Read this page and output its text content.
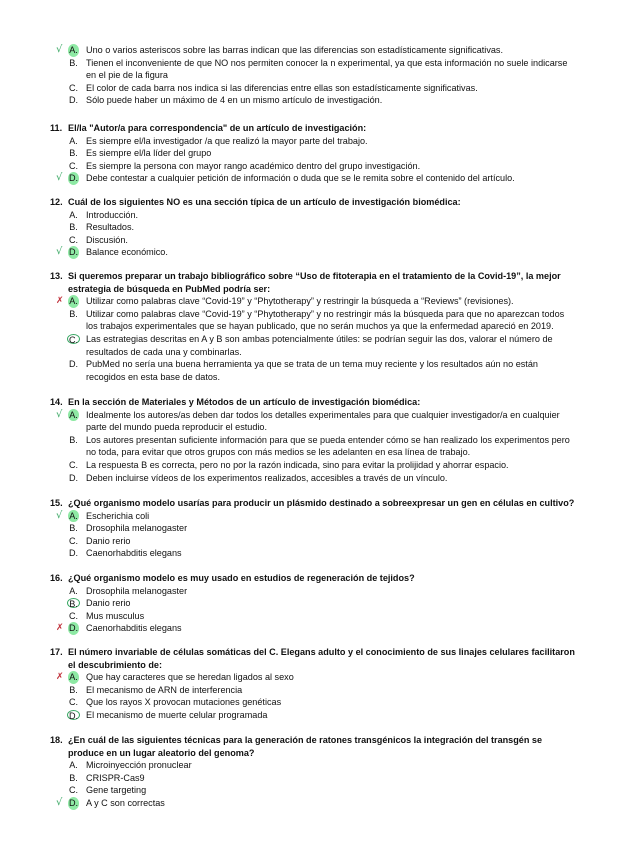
√ A. Uno o varios asteriscos sobre las barras indican que las diferencias son estadísticamente significativas.
B. Tienen el inconveniente de que NO nos permiten conocer la n experimental, ya que esta información no suele indicarse en el pie de la figura
C. El color de cada barra nos indica si las diferencias entre ellas son estadísticamente significativas.
D. Sólo puede haber un máximo de 4 en un mismo artículo de investigación.
11. El/la "Autor/a para correspondencia" de un artículo de investigación:
A. Es siempre el/la investigador /a que realizó la mayor parte del trabajo.
B. Es siempre el/la líder del grupo
C. Es siempre la persona con mayor rango académico dentro del grupo investigación.
√ D. Debe contestar a cualquier petición de información o duda que se le remita sobre el contenido del artículo.
12. Cuál de los siguientes NO es una sección típica de un artículo de investigación biomédica:
A. Introducción.
B. Resultados.
C. Discusión.
√ D. Balance económico.
13. Si queremos preparar un trabajo bibliográfico sobre “Uso de fitoterapia en el tratamiento de la Covid-19”, la mejor estrategia de búsqueda en PubMed podría ser:
✗ A. Utilizar como palabras clave “Covid-19” y “Phytotherapy” y restringir la búsqueda a “Reviews” (revisiones).
B. Utilizar como palabras clave “Covid-19” y “Phytotherapy” y no restringir más la búsqueda para que no aparezcan todos los trabajos experimentales que se hayan publicado, que no serán muchos ya que la enfermedad apareció en 2019.
C. Las estrategias descritas en A y B son ambas potencialmente útiles: se podrían seguir las dos, valorar el número de resultados de cada una y combinarlas.
D. PubMed no sería una buena herramienta ya que se trata de un tema muy reciente y los resultados aún no están recogidos en esta base de datos.
14. En la sección de Materiales y Métodos de un artículo de investigación biomédica:
√ A. Idealmente los autores/as deben dar todos los detalles experimentales para que cualquier investigador/a en cualquier parte del mundo pueda reproducir el estudio.
B. Los autores presentan suficiente información para que se pueda entender cómo se han realizado los experimentos pero no toda, para evitar que otros grupos con más medios se les adelanten en esa línea de trabajo.
C. La respuesta B es correcta, pero no por la razón indicada, sino para evitar la prolijidad y ahorrar espacio.
D. Deben incluirse vídeos de los experimentos realizados, accesibles a través de un vínculo.
15. ¿Qué organismo modelo usarías para producir un plásmido destinado a sobreexpresar un gen en células en cultivo?
√ A. Escherichia coli
B. Drosophila melanogaster
C. Danio rerio
D. Caenorhabditis elegans
16. ¿Qué organismo modelo es muy usado en estudios de regeneración de tejidos?
A. Drosophila melanogaster
B. Danio rerio
C. Mus musculus
✗ D. Caenorhabditis elegans
17. El número invariable de células somáticas del C. Elegans adulto y el conocimiento de sus linajes celulares facilitaron el descubrimiento de:
✗ A. Que hay caracteres que se heredan ligados al sexo
B. El mecanismo de ARN de interferencia
C. Que los rayos X provocan mutaciones genéticas
D. El mecanismo de muerte celular programada
18. ¿En cuál de las siguientes técnicas para la generación de ratones transgénicos la integración del transgén se produce en un lugar aleatorio del genoma?
A. Microinyección pronuclear
B. CRISPR-Cas9
C. Gene targeting
√ D. A y C son correctas
